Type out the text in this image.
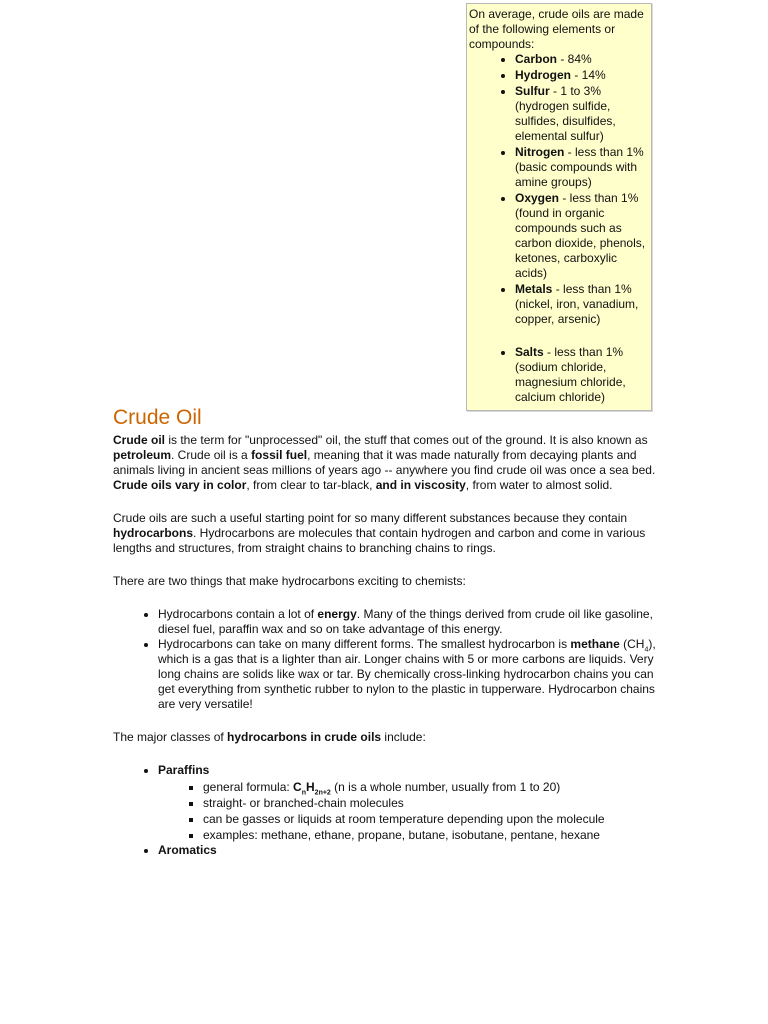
On average, crude oils are made of the following elements or compounds:

• Carbon - 84%
• Hydrogen - 14%
• Sulfur - 1 to 3% (hydrogen sulfide, sulfides, disulfides, elemental sulfur)
• Nitrogen - less than 1% (basic compounds with amine groups)
• Oxygen - less than 1% (found in organic compounds such as carbon dioxide, phenols, ketones, carboxylic acids)
• Metals - less than 1% (nickel, iron, vanadium, copper, arsenic)
• Salts - less than 1% (sodium chloride, magnesium chloride, calcium chloride)
Crude Oil

Crude oil is the term for "unprocessed" oil, the stuff that comes out of the ground. It is also known as petroleum. Crude oil is a fossil fuel, meaning that it was made naturally from decaying plants and animals living in ancient seas millions of years ago -- anywhere you find crude oil was once a sea bed. Crude oils vary in color, from clear to tar-black, and in viscosity, from water to almost solid.

Crude oils are such a useful starting point for so many different substances because they contain hydrocarbons. Hydrocarbons are molecules that contain hydrogen and carbon and come in various lengths and structures, from straight chains to branching chains to rings.

There are two things that make hydrocarbons exciting to chemists:

• Hydrocarbons contain a lot of energy. Many of the things derived from crude oil like gasoline, diesel fuel, paraffin wax and so on take advantage of this energy.
• Hydrocarbons can take on many different forms. The smallest hydrocarbon is methane $(CH_4)$, which is a gas that is a lighter than air. Longer chains with 5 or more carbons are liquids. Very long chains are solids like wax or tar. By chemically cross-linking hydrocarbon chains you can get everything from synthetic rubber to nylon to the plastic in tupperware. Hydrocarbon chains are very versatile!

The major classes of hydrocarbons in crude oils include:

• Paraffins
▪ general formula: $C_nH_{2n+2}$ (n is a whole number, usually from 1 to 20)
▪ straight- or branched-chain molecules
▪ can be gasses or liquids at room temperature depending upon the molecule
▪ examples: methane, ethane, propane, butane, isobutane, pentane, hexane
• Aromatics
